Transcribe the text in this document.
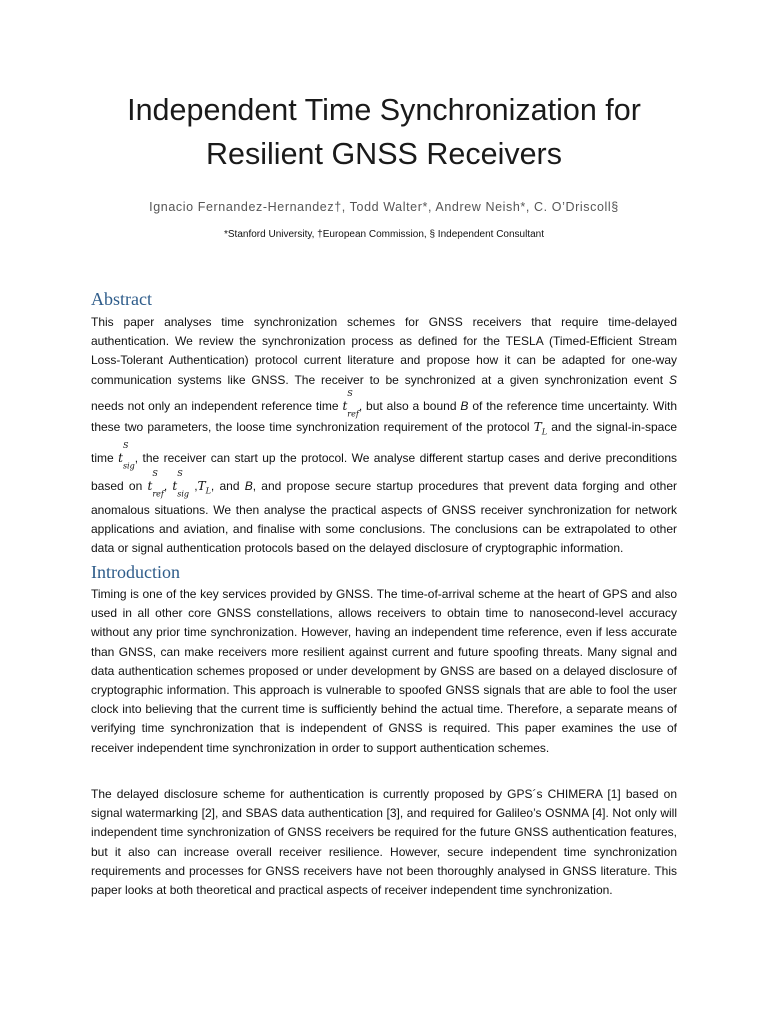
Independent Time Synchronization for
Resilient GNSS Receivers
Ignacio Fernandez-Hernandez†, Todd Walter*, Andrew Neish*, C. O’Driscoll§
*Stanford University, †European Commission, § Independent Consultant
Abstract
This paper analyses time synchronization schemes for GNSS receivers that require time-delayed authentication. We review the synchronization process as defined for the TESLA (Timed-Efficient Stream Loss-Tolerant Authentication) protocol current literature and propose how it can be adapted for one-way communication systems like GNSS. The receiver to be synchronized at a given synchronization event S needs not only an independent reference time $t^S$
$_{ref}$, but also a bound B of the reference time uncertainty. With these two parameters, the loose time synchronization requirement of the protocol $T_L$ and the signal-in-space time $t^S$
$_{sig}$, the receiver can start up the protocol. We analyse different startup cases and derive preconditions based on $t^S$
$_{ref}$, $t^S$
$_{sig}$ $,T_L$, and B, and propose secure startup procedures that prevent data forging and other anomalous situations. We then analyse the practical aspects of GNSS receiver synchronization for network applications and aviation, and finalise with some conclusions. The conclusions can be extrapolated to other data or signal authentication protocols based on the delayed disclosure of cryptographic information.
Introduction

Timing is one of the key services provided by GNSS. The time-of-arrival scheme at the heart of GPS and also used in all other core GNSS constellations, allows receivers to obtain time to nanosecond-level accuracy without any prior time synchronization. However, having an independent time reference, even if less accurate than GNSS, can make receivers more resilient against current and future spoofing threats. Many signal and data authentication schemes proposed or under development by GNSS are based on a delayed disclosure of cryptographic information. This approach is vulnerable to spoofed GNSS signals that are able to fool the user clock into believing that the current time is sufficiently behind the actual time. Therefore, a separate means of verifying time synchronization that is independent of GNSS is required. This paper examines the use of receiver independent time synchronization in order to support authentication schemes.

The delayed disclosure scheme for authentication is currently proposed by GPS´s CHIMERA [1] based on signal watermarking [2], and SBAS data authentication [3], and required for Galileo’s OSNMA [4]. Not only will independent time synchronization of GNSS receivers be required for the future GNSS authentication features, but it also can increase overall receiver resilience. However, secure independent time synchronization requirements and processes for GNSS receivers have not been thoroughly analysed in GNSS literature. This paper looks at both theoretical and practical aspects of receiver independent time synchronization.
